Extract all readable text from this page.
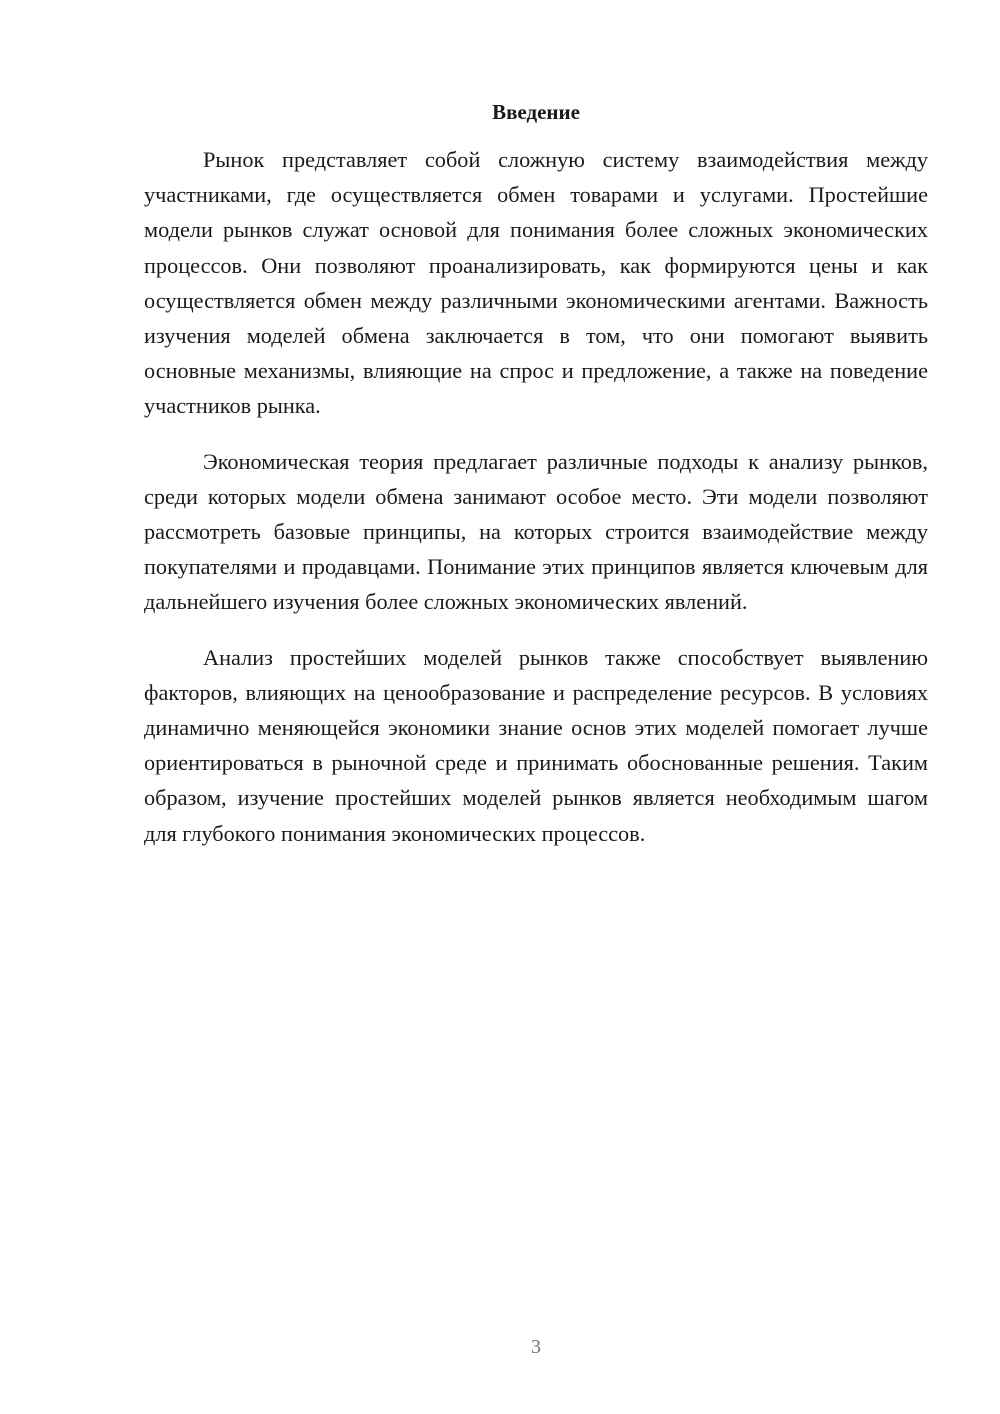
Введение

Рынок представляет собой сложную систему взаимодействия между участниками, где осуществляется обмен товарами и услугами. Простейшие модели рынков служат основой для понимания более сложных экономических процессов. Они позволяют проанализировать, как формируются цены и как осуществляется обмен между различными экономическими агентами. Важность изучения моделей обмена заключается в том, что они помогают выявить основные механизмы, влияющие на спрос и предложение, а также на поведение участников рынка.

Экономическая теория предлагает различные подходы к анализу рынков, среди которых модели обмена занимают особое место. Эти модели позволяют рассмотреть базовые принципы, на которых строится взаимодействие между покупателями и продавцами. Понимание этих принципов является ключевым для дальнейшего изучения более сложных экономических явлений.

Анализ простейших моделей рынков также способствует выявлению факторов, влияющих на ценообразование и распределение ресурсов. В условиях динамично меняющейся экономики знание основ этих моделей помогает лучше ориентироваться в рыночной среде и принимать обоснованные решения. Таким образом, изучение простейших моделей рынков является необходимым шагом для глубокого понимания экономических процессов.

3
